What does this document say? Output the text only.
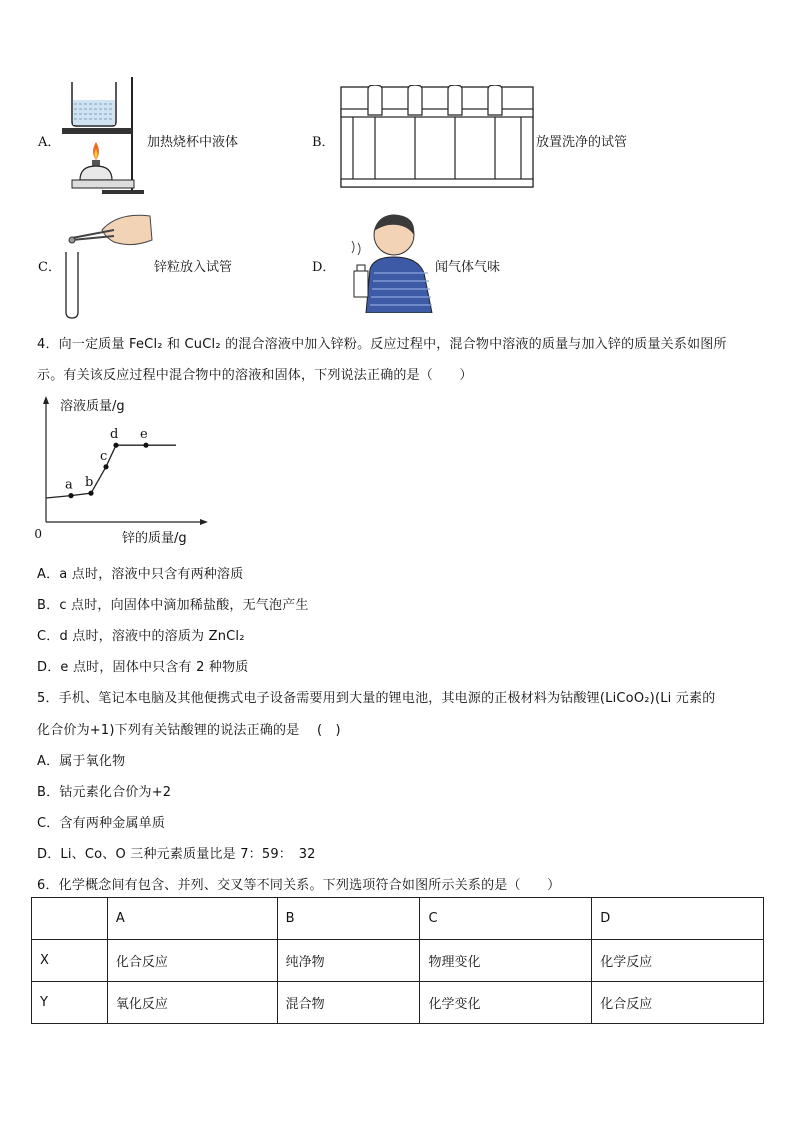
A．	加热烧杯中液体	B．	放置洗净的试管
C．	锌粒放入试管	D．	闻气体气味
4．向一定质量 FeCl₂ 和 CuCl₂ 的混合溶液中加入锌粉。反应过程中，混合物中溶液的质量与加入锌的质量关系如图所
示。有关该反应过程中混合物中的溶液和固体，下列说法正确的是（　　）
溶液质量/g
锌的质量/g
0
a b
c
d e
A．a 点时，溶液中只含有两种溶质
B．c 点时，向固体中滴加稀盐酸，无气泡产生
C．d 点时，溶液中的溶质为 ZnCl₂
D．e 点时，固体中只含有 2 种物质
5．手机、笔记本电脑及其他便携式电子设备需要用到大量的锂电池，其电源的正极材料为钴酸锂(LiCoO₂)(Li 元素的
化合价为+1)下列有关钴酸锂的说法正确的是　 (　)
A．属于氧化物
B．钴元素化合价为+2
C．含有两种金属单质
D．Li、Co、O 三种元素质量比是 7：59：　32
6．化学概念间有包含、并列、交叉等不同关系。下列选项符合如图所示关系的是（　　）
	A	B	C	D
X	化合反应	纯净物	物理变化	化学反应
Y	氧化反应	混合物	化学变化	化合反应
